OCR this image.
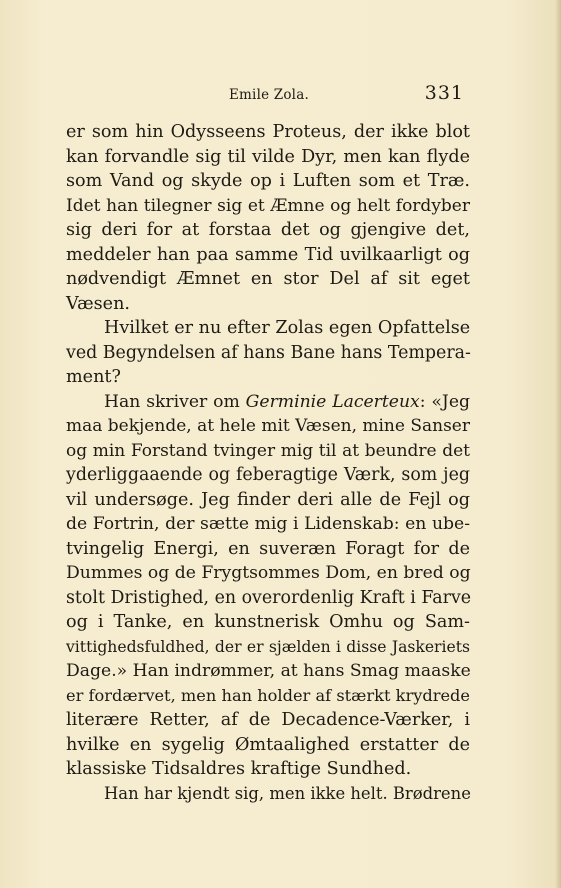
Emile Zola.	331
er som hin Odysseens Proteus, der ikke blot
kan forvandle sig til vilde Dyr, men kan flyde
som Vand og skyde op i Luften som et Træ.
Idet han tilegner sig et Æmne og helt fordyber
sig deri for at forstaa det og gjengive det,
meddeler han paa samme Tid uvilkaarligt og
nødvendigt Æmnet en stor Del af sit eget
Væsen.
Hvilket er nu efter Zolas egen Opfattelse
ved Begyndelsen af hans Bane hans Tempera-
ment?
Han skriver om Germinie Lacerteux: «Jeg
maa bekjende, at hele mit Væsen, mine Sanser
og min Forstand tvinger mig til at beundre det
yderliggaaende og feberagtige Værk, som jeg
vil undersøge. Jeg finder deri alle de Fejl og
de Fortrin, der sætte mig i Lidenskab: en ube-
tvingelig Energi, en suveræn Foragt for de
Dummes og de Frygtsommes Dom, en bred og
stolt Dristighed, en overordenlig Kraft i Farve
og i Tanke, en kunstnerisk Omhu og Sam-
vittighedsfuldhed, der er sjælden i disse Jaskeriets
Dage.» Han indrømmer, at hans Smag maaske
er fordærvet, men han holder af stærkt krydrede
literære Retter, af de Decadence-Værker, i
hvilke en sygelig Ømtaalighed erstatter de
klassiske Tidsaldres kraftige Sundhed.
Han har kjendt sig, men ikke helt. Brødrene
